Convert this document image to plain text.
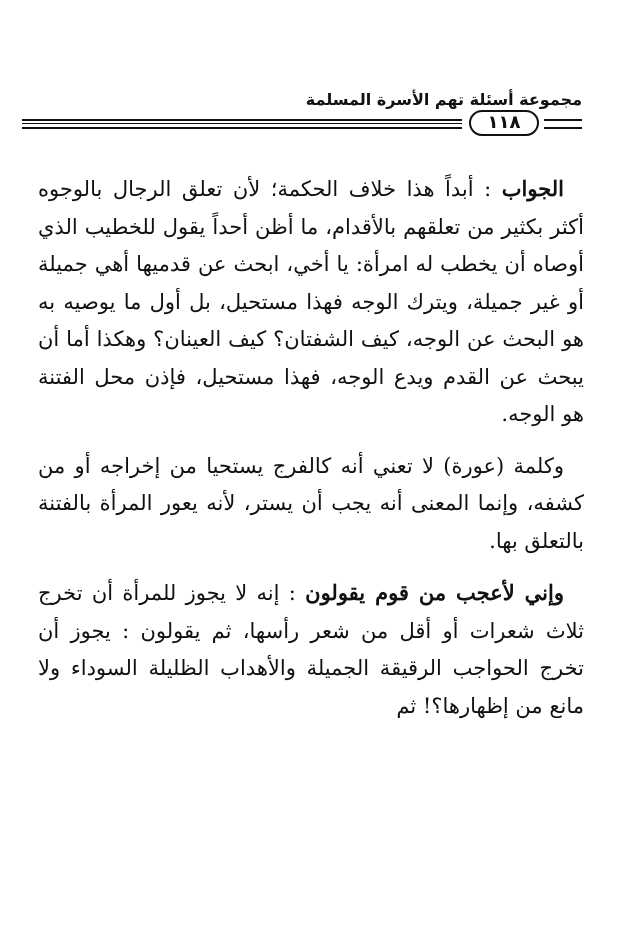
مجموعة أسئلة تهم الأسرة المسلمة
١١٨

الجواب : أبداً هذا خلاف الحكمة؛ لأن تعلق الرجال بالوجوه أكثر بكثير من تعلقهم بالأقدام، ما أظن أحداً يقول للخطيب الذي أوصاه أن يخطب له امرأة: يا أخي، ابحث عن قدميها أهي جميلة أو غير جميلة، ويترك الوجه فهذا مستحيل، بل أول ما يوصيه به هو البحث عن الوجه، كيف الشفتان؟ كيف العينان؟ وهكذا أما أن يبحث عن القدم ويدع الوجه، فهذا مستحيل، فإذن محل الفتنة هو الوجه.

وكلمة (عورة) لا تعني أنه كالفرج يستحيا من إخراجه أو من كشفه، وإنما المعنى أنه يجب أن يستر، لأنه يعور المرأة بالفتنة بالتعلق بها.

وإني لأعجب من قوم يقولون : إنه لا يجوز للمرأة أن تخرج ثلاث شعرات أو أقل من شعر رأسها، ثم يقولون : يجوز أن تخرج الحواجب الرقيقة الجميلة والأهداب الظليلة السوداء ولا مانع من إظهارها؟! ثم
